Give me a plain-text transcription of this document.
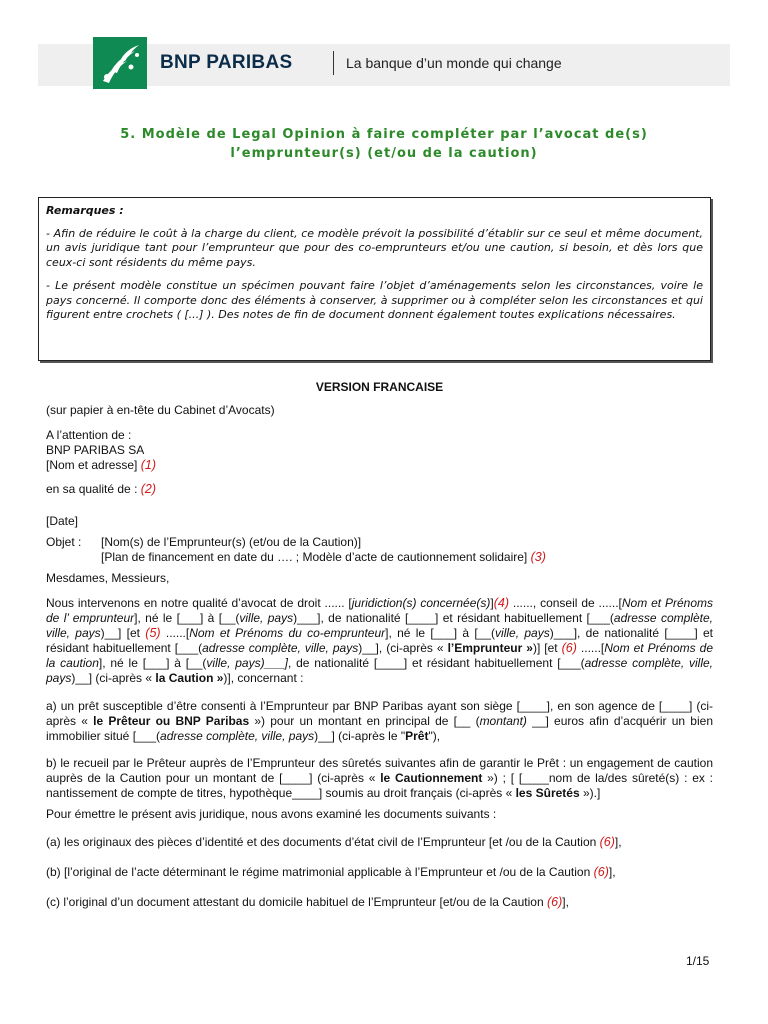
BNP PARIBAS	La banque d’un monde qui change
5. Modèle de Legal Opinion à faire compléter par l’avocat de(s)
l’emprunteur(s) (et/ou de la caution)
Remarques :

- Afin de réduire le coût à la charge du client, ce modèle prévoit la possibilité d’établir sur ce seul et même document, un avis juridique tant pour l’emprunteur que pour des co-emprunteurs et/ou une caution, si besoin, et dès lors que ceux-ci sont résidents du même pays.

- Le présent modèle constitue un spécimen pouvant faire l’objet d’aménagements selon les circonstances, voire le pays concerné. Il comporte donc des éléments à conserver, à supprimer ou à compléter selon les circonstances et qui figurent entre crochets ( [...] ). Des notes de fin de document donnent également toutes explications nécessaires.

VERSION FRANCAISE

(sur papier à en-tête du Cabinet d’Avocats)

A l’attention de :

BNP PARIBAS SA

[Nom et adresse] (1)

en sa qualité de : (2)

[Date]

Objet :	[Nom(s) de l’Emprunteur(s) (et/ou de la Caution)]
[Plan de financement en date du …. ; Modèle d’acte de cautionnement solidaire] (3)

Mesdames, Messieurs,

Nous intervenons en notre qualité d’avocat de droit ...... [juridiction(s) concernée(s)](4) ......, conseil de ......[Nom et Prénoms de l’ emprunteur], né le [___] à [__(ville, pays)___], de nationalité [____] et résidant habituellement [___(adresse complète, ville, pays)__] [et (5) ......[Nom et Prénoms du co-emprunteur], né le [___] à [__(ville, pays)___], de nationalité [____] et résidant habituellement [___(adresse complète, ville, pays)__], (ci-après « l’Emprunteur »)] [et (6) ......[Nom et Prénoms de la caution], né le [___] à [__(ville, pays)___], de nationalité [____] et résidant habituellement [___(adresse complète, ville, pays)__] (ci-après « la Caution »)], concernant :

a) un prêt susceptible d’être consenti à l’Emprunteur par BNP Paribas ayant son siège [____], en son agence de [____] (ci-après « le Prêteur ou BNP Paribas ») pour un montant en principal de [__ (montant) __] euros afin d’acquérir un bien immobilier situé [___(adresse complète, ville, pays)__] (ci-après le "Prêt"),

b) le recueil par le Prêteur auprès de l’Emprunteur des sûretés suivantes afin de garantir le Prêt : un engagement de caution auprès de la Caution pour un montant de [____] (ci-après « le Cautionnement ») ; [ [____nom de la/des sûreté(s) : ex : nantissement de compte de titres, hypothèque____] soumis au droit français (ci-après « les Sûretés »).]

Pour émettre le présent avis juridique, nous avons examiné les documents suivants :

(a) les originaux des pièces d’identité et des documents d’état civil de l’Emprunteur [et /ou de la Caution (6)],

(b) [l’original de l’acte déterminant le régime matrimonial applicable à l’Emprunteur et /ou de la Caution (6)],

(c) l’original d’un document attestant du domicile habituel de l’Emprunteur [et/ou de la Caution (6)],

1/15
